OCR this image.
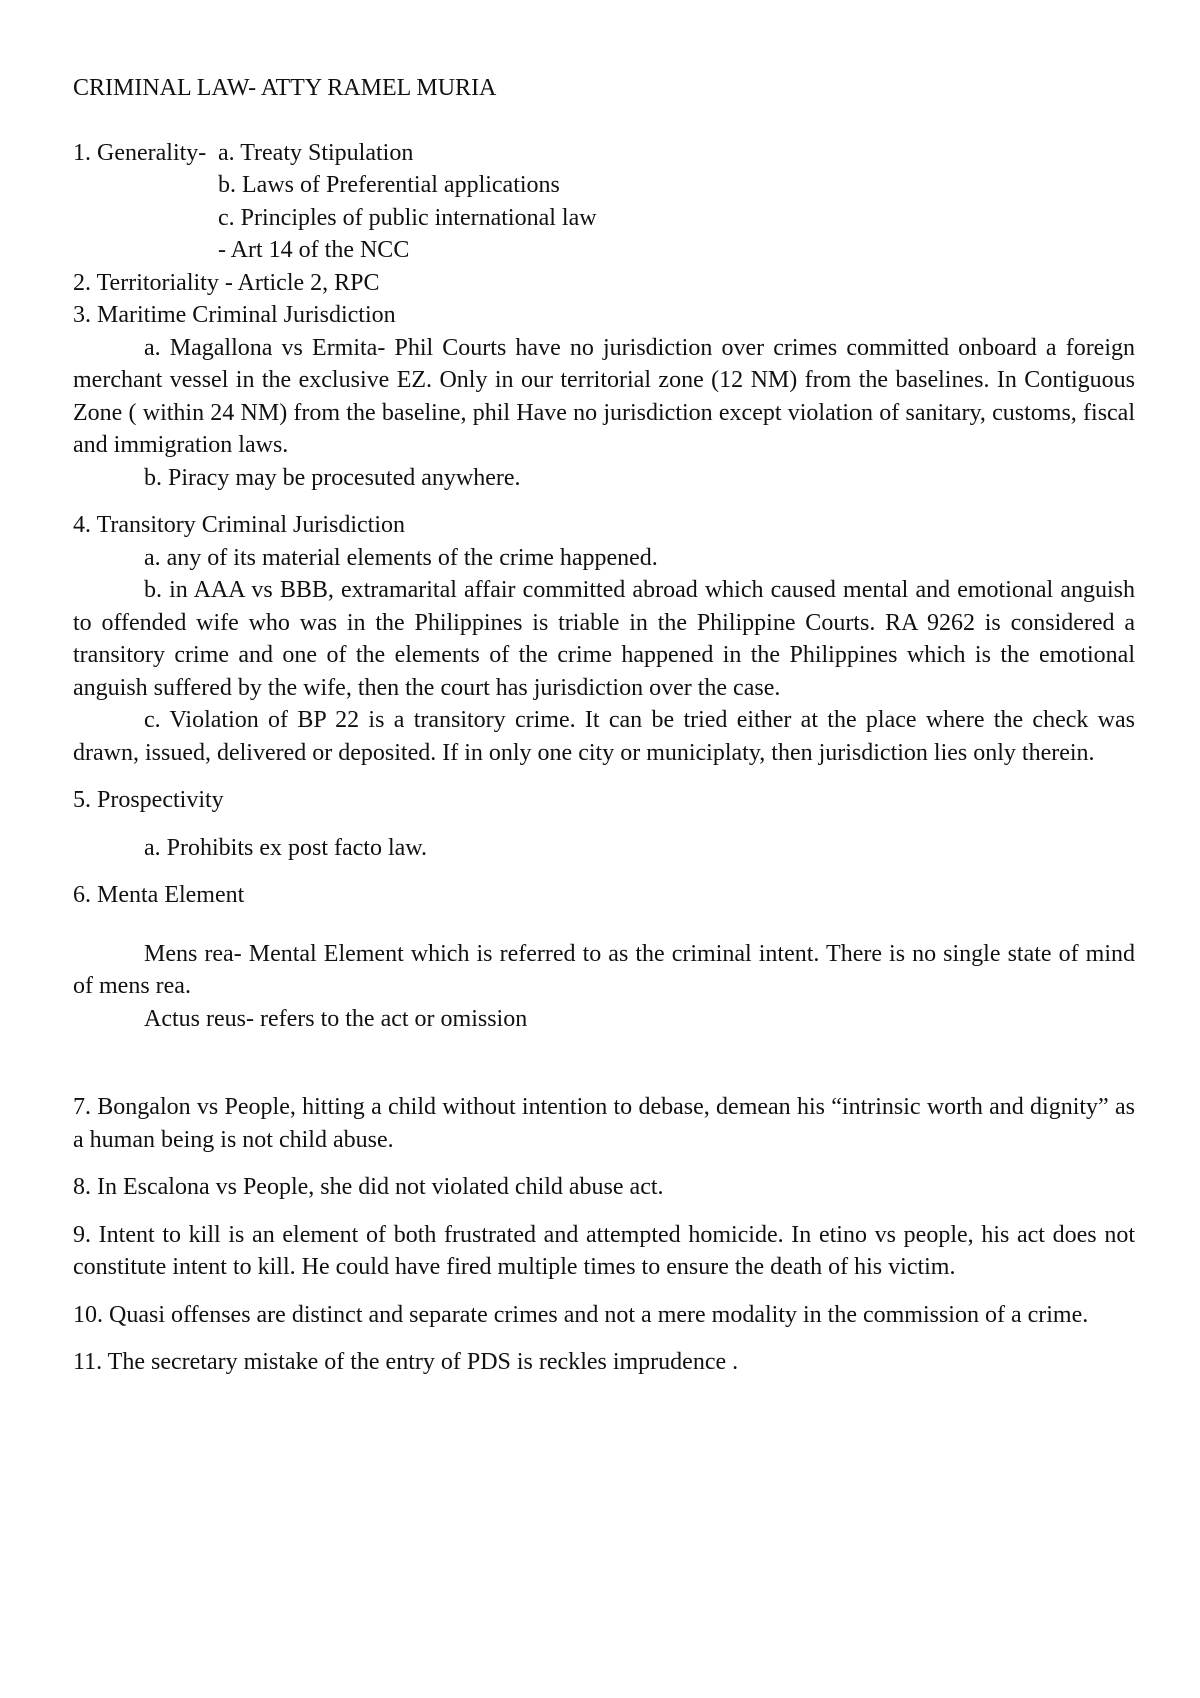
CRIMINAL LAW- ATTY RAMEL MURIA
1. Generality- a. Treaty Stipulation
b. Laws of Preferential applications
c. Principles of public international law
- Art 14 of the NCC
2. Territoriality - Article 2, RPC
3. Maritime Criminal Jurisdiction
a. Magallona vs Ermita- Phil Courts have no jurisdiction over crimes committed onboard a foreign merchant vessel in the exclusive EZ. Only in our territorial zone (12 NM) from the baselines. In Contiguous Zone ( within 24 NM) from the baseline, phil Have no jurisdiction except violation of sanitary, customs, fiscal and immigration laws.
b. Piracy may be procesuted anywhere.
4. Transitory Criminal Jurisdiction
a. any of its material elements of the crime happened.
b. in AAA vs BBB, extramarital affair committed abroad which caused mental and emotional anguish to offended wife who was in the Philippines is triable in the Philippine Courts. RA 9262 is considered a transitory crime and one of the elements of the crime happened in the Philippines which is the emotional anguish suffered by the wife, then the court has jurisdiction over the case.
c. Violation of BP 22 is a transitory crime. It can be tried either at the place where the check was drawn, issued, delivered or deposited. If in only one city or municiplaty, then jurisdiction lies only therein.
5. Prospectivity
a. Prohibits ex post facto law.
6. Menta Element
Mens rea- Mental Element which is referred to as the criminal intent. There is no single state of mind of mens rea.
Actus reus- refers to the act or omission
7. Bongalon vs People, hitting a child without intention to debase, demean his “intrinsic worth and dignity” as a human being is not child abuse.
8. In Escalona vs People, she did not violated child abuse act.
9. Intent to kill is an element of both frustrated and attempted homicide. In etino vs people, his act does not constitute intent to kill. He could have fired multiple times to ensure the death of his victim.
10. Quasi offenses are distinct and separate crimes and not a mere modality in the commission of a crime.
11. The secretary mistake of the entry of PDS is reckles imprudence .
